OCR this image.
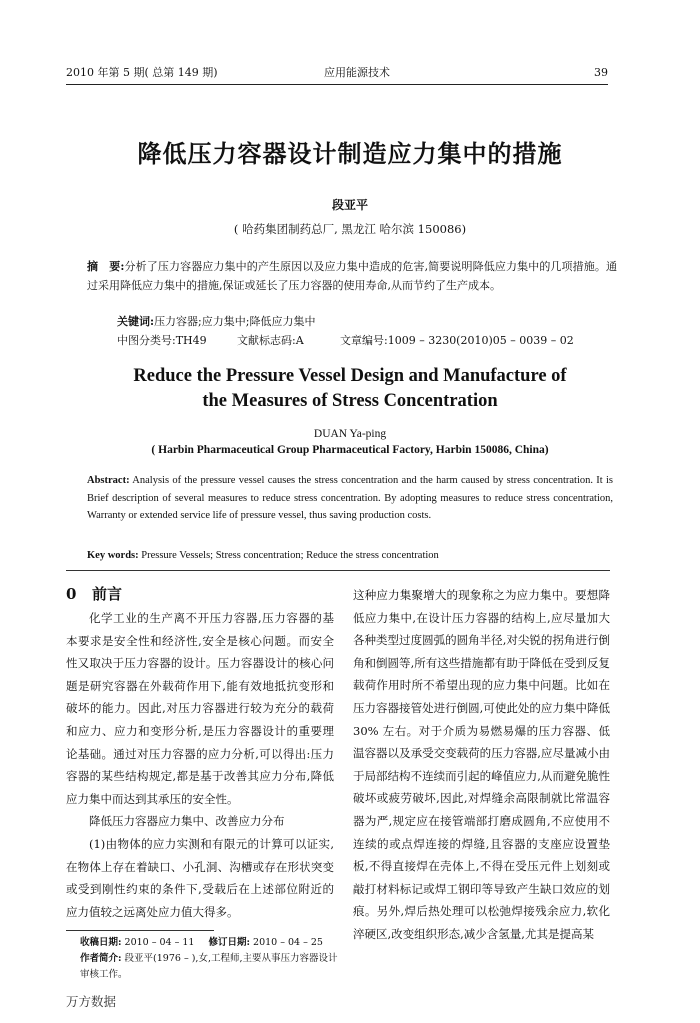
2010 年第 5 期( 总第 149 期)	应用能源技术	39
降低压力容器设计制造应力集中的措施
段亚平
( 哈药集团制药总厂, 黑龙江 哈尔滨 150086)
摘　要:分析了压力容器应力集中的产生原因以及应力集中造成的危害,简要说明降低应力集中的几项措施。通过采用降低应力集中的措施,保证或延长了压力容器的使用寿命,从而节约了生产成本。
关键词:压力容器;应力集中;降低应力集中
中图分类号:TH49	文献标志码:A	文章编号:1009 – 3230(2010)05 – 0039 – 02
Reduce the Pressure Vessel Design and Manufacture of
the Measures of Stress Concentration
DUAN Ya-ping
( Harbin Pharmaceutical Group Pharmaceutical Factory, Harbin 150086, China)
Abstract: Analysis of the pressure vessel causes the stress concentration and the harm caused by stress concentration. It is Brief description of several measures to reduce stress concentration. By adopting measures to reduce stress concentration, Warranty or extended service life of pressure vessel, thus saving production costs.
Key words: Pressure Vessels; Stress concentration; Reduce the stress concentration
0 前言

化学工业的生产离不开压力容器,压力容器的基本要求是安全性和经济性,安全是核心问题。而安全性又取决于压力容器的设计。压力容器设计的核心问题是研究容器在外载荷作用下,能有效地抵抗变形和破坏的能力。因此,对压力容器进行较为充分的载荷和应力、应力和变形分析,是压力容器设计的重要理论基础。通过对压力容器的应力分析,可以得出:压力容器的某些结构规定,都是基于改善其应力分布,降低应力集中而达到其承压的安全性。

降低压力容器应力集中、改善应力分布

(1)由物体的应力实测和有限元的计算可以证实,在物体上存在着缺口、小孔洞、沟槽或存在形状突变或受到刚性约束的条件下,受载后在上述部位附近的应力值较之远离处应力值大得多。

这种应力集聚增大的现象称之为应力集中。要想降低应力集中,在设计压力容器的结构上,应尽量加大各种类型过度圆弧的圆角半径,对尖锐的拐角进行倒角和倒圆等,所有这些措施都有助于降低在受到反复载荷作用时所不希望出现的应力集中问题。比如在压力容器接管处进行倒圆,可使此处的应力集中降低 30% 左右。对于介质为易燃易爆的压力容器、低温容器以及承受交变载荷的压力容器,应尽量减小由于局部结构不连续而引起的峰值应力,从而避免脆性破坏或疲劳破坏,因此,对焊缝余高限制就比常温容器为严,规定应在接管端部打磨成圆角,不应使用不连续的或点焊连接的焊缝,且容器的支座应设置垫板,不得直接焊在壳体上,不得在受压元件上划刻或敲打材料标记或焊工钢印等导致产生缺口效应的划痕。另外,焊后热处理可以松弛焊接残余应力,软化淬硬区,改变组织形态,减少含氢量,尤其是提高某

收稿日期: 2010 – 04 – 11 修订日期: 2010 – 04 – 25
作者简介: 段亚平(1976 – ),女,工程师,主要从事压力容器设计审核工作。
万方数据
